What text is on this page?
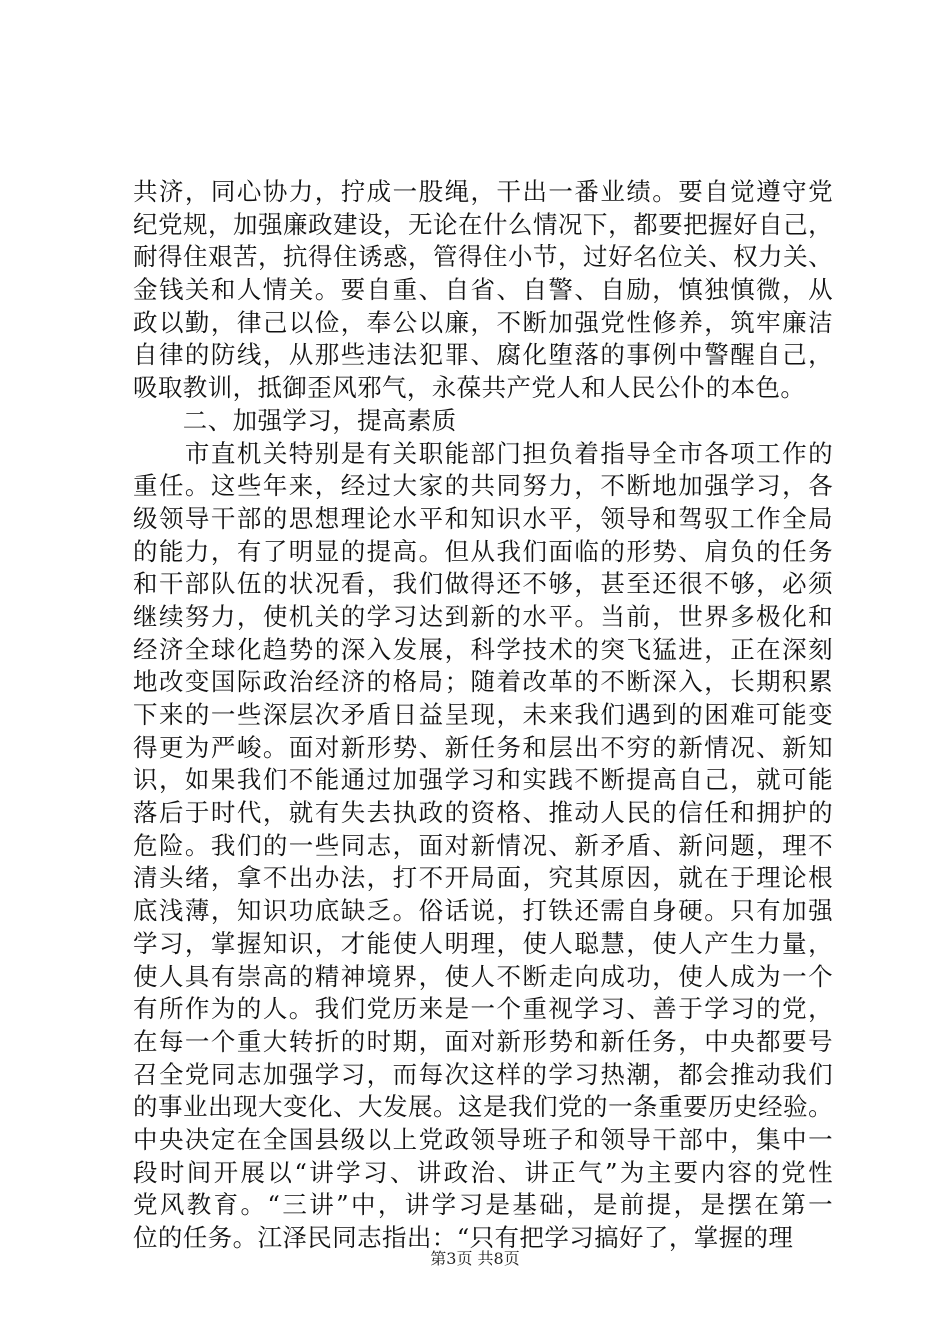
共济，同心协力，拧成一股绳，干出一番业绩。要自觉遵守党
纪党规，加强廉政建设，无论在什么情况下，都要把握好自己，
耐得住艰苦，抗得住诱惑，管得住小节，过好名位关、权力关、
金钱关和人情关。要自重、自省、自警、自励，慎独慎微，从
政以勤，律己以俭，奉公以廉，不断加强党性修养，筑牢廉洁
自律的防线，从那些违法犯罪、腐化堕落的事例中警醒自己，
吸取教训，抵御歪风邪气，永葆共产党人和人民公仆的本色。
　　二、加强学习，提高素质
　　市直机关特别是有关职能部门担负着指导全市各项工作的
重任。这些年来，经过大家的共同努力，不断地加强学习，各
级领导干部的思想理论水平和知识水平，领导和驾驭工作全局
的能力，有了明显的提高。但从我们面临的形势、肩负的任务
和干部队伍的状况看，我们做得还不够，甚至还很不够，必须
继续努力，使机关的学习达到新的水平。当前，世界多极化和
经济全球化趋势的深入发展，科学技术的突飞猛进，正在深刻
地改变国际政治经济的格局；随着改革的不断深入，长期积累
下来的一些深层次矛盾日益呈现，未来我们遇到的困难可能变
得更为严峻。面对新形势、新任务和层出不穷的新情况、新知
识，如果我们不能通过加强学习和实践不断提高自己，就可能
落后于时代，就有失去执政的资格、推动人民的信任和拥护的
危险。我们的一些同志，面对新情况、新矛盾、新问题，理不
清头绪，拿不出办法，打不开局面，究其原因，就在于理论根
底浅薄，知识功底缺乏。俗话说，打铁还需自身硬。只有加强
学习，掌握知识，才能使人明理，使人聪慧，使人产生力量，
使人具有崇高的精神境界，使人不断走向成功，使人成为一个
有所作为的人。我们党历来是一个重视学习、善于学习的党，
在每一个重大转折的时期，面对新形势和新任务，中央都要号
召全党同志加强学习，而每次这样的学习热潮，都会推动我们
的事业出现大变化、大发展。这是我们党的一条重要历史经验。
中央决定在全国县级以上党政领导班子和领导干部中，集中一
段时间开展以“讲学习、讲政治、讲正气”为主要内容的党性
党风教育。“三讲”中，讲学习是基础，是前提，是摆在第一
位的任务。江泽民同志指出：“只有把学习搞好了，掌握的理
第3页 共8页
